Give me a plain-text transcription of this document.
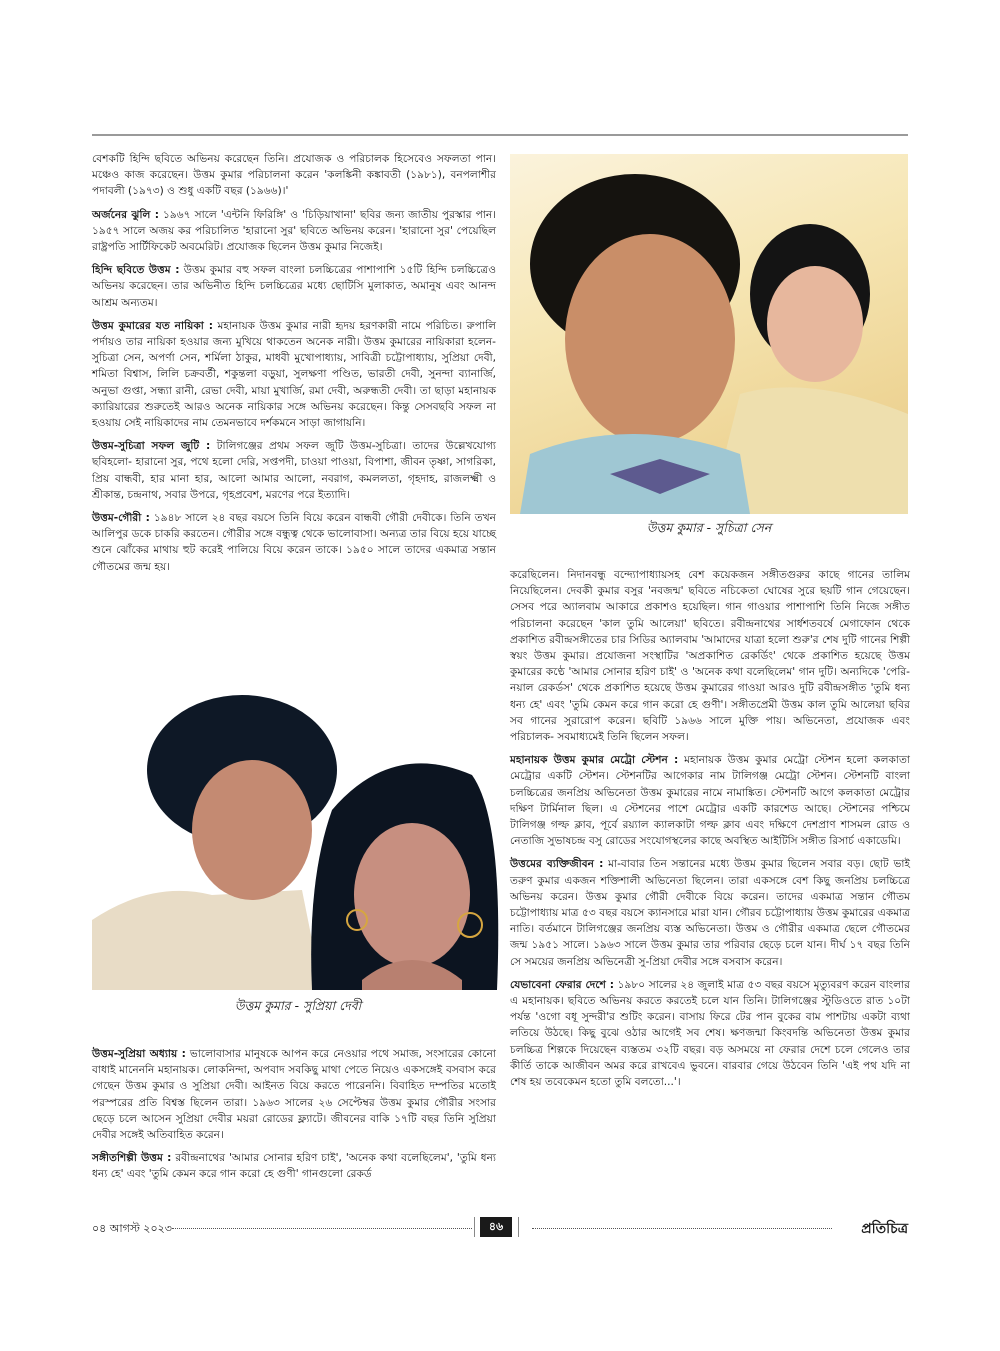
বেশকটি হিন্দি ছবিতে অভিনয় করেছেন তিনি। প্রযোজক ও পরিচালক হিসেবেও সফলতা পান। মঞ্চেও কাজ করেছেন। উত্তম কুমার পরিচালনা করেন 'কলঙ্কিনী কঙ্কাবতী (১৯৮১), বনপলাশীর পদাবলী (১৯৭৩) ও শুধু একটি বছর (১৯৬৬)।'

অর্জনের ঝুলি : ১৯৬৭ সালে 'এন্টনি ফিরিঙ্গি' ও 'চিড়িয়াখানা' ছবির জন্য জাতীয় পুরস্কার পান। ১৯৫৭ সালে অজয় কর পরিচালিত 'হারানো সুর' ছবিতে অভিনয় করেন। 'হারানো সুর' পেয়েছিল রাষ্ট্রপতি সার্টিফিকেট অবমেরিট। প্রযোজক ছিলেন উত্তম কুমার নিজেই।

হিন্দি ছবিতে উত্তম : উত্তম কুমার বহু সফল বাংলা চলচ্চিত্রের পাশাপাশি ১৫টি হিন্দি চলচ্চিত্রেও অভিনয় করেছেন। তার অভিনীত হিন্দি চলচ্চিত্রের মধ্যে ছোটিসি মুলাকাত, অমানুষ এবং আনন্দ আশ্রম অন্যতম।

উত্তম কুমারের যত নায়িকা : মহানায়ক উত্তম কুমার নারী হৃদয় হরণকারী নামে পরিচিত। রুপালি পর্দায়ও তার নায়িকা হওয়ার জন্য মুখিয়ে থাকতেন অনেক নারী। উত্তম কুমারের নায়িকারা হলেন- সুচিত্রা সেন, অপর্ণা সেন, শর্মিলা ঠাকুর, মাধবী মুখোপাধ্যায়, সাবিত্রী চট্টোপাধ্যায়, সুপ্রিয়া দেবী, শমিতা বিশ্বাস, লিলি চক্রবর্তী, শকুন্তলা বড়ুয়া, সুলক্ষণা পণ্ডিত, ভারতী দেবী, সুনন্দা ব্যানার্জি, অনুভা গুপ্তা, সন্ধ্যা রানী, রেভা দেবী, মায়া মুখার্জি, রমা দেবী, অরুন্ধতী দেবী। তা ছাড়া মহানায়ক ক্যারিয়ারের শুরুতেই আরও অনেক নায়িকার সঙ্গে অভিনয় করেছেন। কিন্তু সেসবছবি সফল না হওয়ায় সেই নায়িকাদের নাম তেমনভাবে দর্শকমনে সাড়া জাগায়নি।

উত্তম-সুচিত্রা সফল জুটি : টালিগঞ্জের প্রথম সফল জুটি উত্তম-সুচিত্রা। তাদের উল্লেখযোগ্য ছবিহলো- হারানো সুর, পথে হলো দেরি, সপ্তপদী, চাওয়া পাওয়া, বিপাশা, জীবন তৃষ্ণা, সাগরিকা, প্রিয় বান্ধবী, হার মানা হার, আলো আমার আলো, নবরাগ, কমললতা, গৃহদাহ, রাজলক্ষ্মী ও শ্রীকান্ত, চন্দ্রনাথ, সবার উপরে, গৃহপ্রবেশ, মরণের পরে ইত্যাদি।

উত্তম-গৌরী : ১৯৪৮ সালে ২৪ বছর বয়সে তিনি বিয়ে করেন বান্ধবী গৌরী দেবীকে। তিনি তখন আলিপুর ডকে চাকরি করতেন। গৌরীর সঙ্গে বন্ধুত্ব থেকে ভালোবাসা। অন্যত্র তার বিয়ে হয়ে যাচ্ছে শুনে ঝোঁকের মাথায় হুট করেই পালিয়ে বিয়ে করেন তাকে। ১৯৫০ সালে তাদের একমাত্র সন্তান গৌতমের জন্ম হয়।

উত্তম কুমার - সুপ্রিয়া দেবী

উত্তম-সুপ্রিয়া অধ্যায় : ভালোবাসার মানুষকে আপন করে নেওয়ার পথে সমাজ, সংসারের কোনো বাধাই মানেননি মহানায়ক। লোকনিন্দা, অপবাদ সবকিছু মাথা পেতে নিয়েও একসঙ্গেই বসবাস করে গেছেন উত্তম কুমার ও সুপ্রিয়া দেবী। আইনত বিয়ে করতে পারেননি। বিবাহিত দম্পতির মতোই পরস্পরের প্রতি বিশ্বস্ত ছিলেন তারা। ১৯৬৩ সালের ২৬ সেপ্টেম্বর উত্তম কুমার গৌরীর সংসার ছেড়ে চলে আসেন সুপ্রিয়া দেবীর ময়রা রোডের ফ্ল্যাটে। জীবনের বাকি ১৭টি বছর তিনি সুপ্রিয়া দেবীর সঙ্গেই অতিবাহিত করেন।

সঙ্গীতশিল্পী উত্তম : রবীন্দ্রনাথের 'আমার সোনার হরিণ চাই', 'অনেক কথা বলেছিলেম', 'তুমি ধন্য ধন্য হে' এবং 'তুমি কেমন করে গান করো হে গুণী' গানগুলো রেকর্ড

উত্তম কুমার - সুচিত্রা সেন

করেছিলেন। নিদানবন্ধু বন্দ্যোপাধ্যায়সহ বেশ কয়েকজন সঙ্গীতগুরুর কাছে গানের তালিম নিয়েছিলেন। দেবকী কুমার বসুর 'নবজন্ম' ছবিতে নচিকেতা ঘোষের সুরে ছয়টি গান গেয়েছেন। সেসব পরে অ্যালবাম আকারে প্রকাশও হয়েছিল। গান গাওয়ার পাশাপাশি তিনি নিজে সঙ্গীত পরিচালনা করেছেন 'কাল তুমি আলেয়া' ছবিতে। রবীন্দ্রনাথের সার্ধশতবর্ষে মেগাফোন থেকে প্রকাশিত রবীন্দ্রসঙ্গীতের চার সিডির অ্যালবাম 'আমাদের যাত্রা হলো শুরু'র শেষ দুটি গানের শিল্পী স্বয়ং উত্তম কুমার। প্রযোজনা সংস্থাটির 'অপ্রকাশিত রেকর্ডিং' থেকে প্রকাশিত হয়েছে উত্তম কুমারের কণ্ঠে 'আমার সোনার হরিণ চাই' ও 'অনেক কথা বলেছিলেম' গান দুটি। অন্যদিকে 'পেরি-নয়াল রেকর্ডস' থেকে প্রকাশিত হয়েছে উত্তম কুমারের গাওয়া আরও দুটি রবীন্দ্রসঙ্গীত 'তুমি ধন্য ধন্য হে' এবং 'তুমি কেমন করে গান করো হে গুণী'। সঙ্গীতপ্রেমী উত্তম কাল তুমি আলেয়া ছবির সব গানের সুরারোপ করেন। ছবিটি ১৯৬৬ সালে মুক্তি পায়। অভিনেতা, প্রযোজক এবং পরিচালক- সবমাধ্যমেই তিনি ছিলেন সফল।

মহানায়ক উত্তম কুমার মেট্রো স্টেশন : মহানায়ক উত্তম কুমার মেট্রো স্টেশন হলো কলকাতা মেট্রোর একটি স্টেশন। স্টেশনটির আগেকার নাম টালিগঞ্জ মেট্রো স্টেশন। স্টেশনটি বাংলা চলচ্চিত্রের জনপ্রিয় অভিনেতা উত্তম কুমারের নামে নামাঙ্কিত। স্টেশনটি আগে কলকাতা মেট্রোর দক্ষিণ টার্মিনাল ছিল। এ স্টেশনের পাশে মেট্রোর একটি কারশেড আছে। স্টেশনের পশ্চিমে টালিগঞ্জ গল্ফ ক্লাব, পূর্বে রয়্যাল ক্যালকাটা গল্ফ ক্লাব এবং দক্ষিণে দেশপ্রাণ শাসমল রোড ও নেতাজি সুভাষচন্দ্র বসু রোডের সংযোগস্থলের কাছে অবস্থিত আইটিসি সঙ্গীত রিসার্চ একাডেমি।

উত্তমের ব্যক্তিজীবন : মা-বাবার তিন সন্তানের মধ্যে উত্তম কুমার ছিলেন সবার বড়। ছোট ভাই তরুণ কুমার একজন শক্তিশালী অভিনেতা ছিলেন। তারা একসঙ্গে বেশ কিছু জনপ্রিয় চলচ্চিত্রে অভিনয় করেন। উত্তম কুমার গৌরী দেবীকে বিয়ে করেন। তাদের একমাত্র সন্তান গৌতম চট্টোপাধ্যায় মাত্র ৫৩ বছর বয়সে ক্যানসারে মারা যান। গৌরব চট্টোপাধ্যায় উত্তম কুমারের একমাত্র নাতি। বর্তমানে টালিগঞ্জের জনপ্রিয় ব্যস্ত অভিনেতা। উত্তম ও গৌরীর একমাত্র ছেলে গৌতমের জন্ম ১৯৫১ সালে। ১৯৬৩ সালে উত্তম কুমার তার পরিবার ছেড়ে চলে যান। দীর্ঘ ১৭ বছর তিনি সে সময়ের জনপ্রিয় অভিনেত্রী সু-প্রিয়া দেবীর সঙ্গে বসবাস করেন।

যেভাবেনা ফেরার দেশে : ১৯৮০ সালের ২৪ জুলাই মাত্র ৫৩ বছর বয়সে মৃত্যুবরণ করেন বাংলার এ মহানায়ক। ছবিতে অভিনয় করতে করতেই চলে যান তিনি। টালিগঞ্জের স্টুডিওতে রাত ১০টা পর্যন্ত 'ওগো বধূ সুন্দরী'র শুটিং করেন। বাসায় ফিরে টের পান বুকের বাম পাশটায় একটা ব্যথা লতিয়ে উঠছে। কিছু বুঝে ওঠার আগেই সব শেষ। ক্ষণজন্মা কিংবদন্তি অভিনেতা উত্তম কুমার চলচ্চিত্র শিল্পকে দিয়েছেন ব্যস্ততম ৩২টি বছর। বড় অসময়ে না ফেরার দেশে চলে গেলেও তার কীর্তি তাকে আজীবন অমর করে রাখবেএ ভুবনে। বারবার গেয়ে উঠবেন তিনি 'এই পথ যদি না শেষ হয় তবেকেমন হতো তুমি বলতো...'।

০৪ আগস্ট ২০২৩	৪৬	প্রতিচিত্র
